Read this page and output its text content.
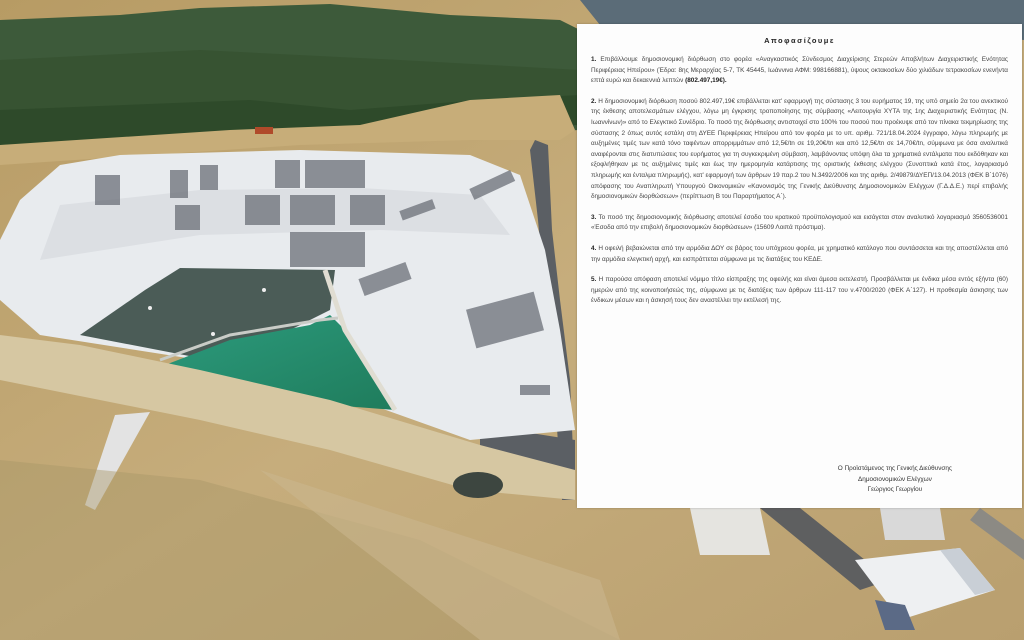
Αποφασίζουμε

1. Επιβάλλουμε δημοσιονομική διόρθωση στο φορέα «Αναγκαστικός Σύνδεσμος Διαχείρισης Στερεών Αποβλήτων Διαχειριστικής Ενότητας Περιφέρειας Ηπείρου» (Έδρα: 8ης Μεραρχίας 5-7, ΤΚ 45445, Ιωάννινα ΑΦΜ: 998166881), ύψους οκτακοσίων δύο χιλιάδων τετρακοσίων ενενήντα επτά ευρώ και δεκαεννιά λεπτών (802.497,19€).

2. Η δημοσιονομική διόρθωση ποσού 802.497,19€ επιβάλλεται κατ' εφαρμογή της σύστασης 3 του ευρήματος 19, της υπό σημείο 2α του ανεκτικού της έκθεσης αποτελεσμάτων ελέγχου, λόγω μη έγκρισης τροποποίησης της σύμβασης «Λειτουργία ΧΥΤΑ της 1ης Διαχειριστικής Ενότητας (Ν. Ιωαννίνων)» από το Ελεγκτικό Συνέδριο. Το ποσό της διόρθωσης αντιστοιχεί στο 100% του ποσού που προέκυψε από τον πίνακα τεκμηρίωσης της σύστασης 2 όπως αυτός εστάλη στη ΔΥΕΕ Περιφέρειας Ηπείρου από τον φορέα με το υπ. αριθμ. 721/18.04.2024 έγγραφο, λόγω πληρωμής με αυξημένες τιμές των κατά τόνο ταφέντων απορριμμάτων από 12,5€/tn σε 19,20€/tn και από 12,5€/tn σε 14,70€/tn, σύμφωνα με όσα αναλυτικά αναφέρονται στις διατυπώσεις του ευρήματος για τη συγκεκριμένη σύμβαση, λαμβάνοντας υπόψη όλα τα χρηματικά εντάλματα που εκδόθηκαν και εξοφλήθηκαν με τις αυξημένες τιμές και έως την ημερομηνία κατάρτισης της οριστικής έκθεσης ελέγχου (Συνοπτικά κατά έτος, λογαριασμό πληρωμής και ένταλμα πληρωμής), κατ' εφαρμογή των άρθρων 19 παρ.2 του Ν.3492/2006 και της αριθμ. 2/49879/ΔΥΕΠ/13.04.2013 (ΦΕΚ Β΄1076) απόφασης του Αναπληρωτή Υπουργού Οικονομικών «Κανονισμός της Γενικής Διεύθυνσης Δημοσιονομικών Ελέγχων (Γ.Δ.Δ.Ε.) περί επιβολής δημοσιονομικών διορθώσεων» (περίπτωση Β του Παραρτήματος Α΄).

3. Το ποσό της δημοσιονομικής διόρθωσης αποτελεί έσοδο του κρατικού προϋπολογισμού και εισάγεται στον αναλυτικό λογαριασμό 3560536001 «Έσοδα από την επιβολή δημοσιονομικών διορθώσεων» (15609 Λοιπά πρόστιμα).

4. Η οφειλή βεβαιώνεται από την αρμόδια ΔΟΥ σε βάρος του υπόχρεου φορέα, με χρηματικό κατάλογο που συντάσσεται και της αποστέλλεται από την αρμόδια ελεγκτική αρχή, και εισπράττεται σύμφωνα με τις διατάξεις του ΚΕΔΕ.

5. Η παρούσα απόφαση αποτελεί νόμιμο τίτλο είσπραξης της οφειλής και είναι άμεσα εκτελεστή. Προσβάλλεται με ένδικα μέσα εντός εξήντα (60) ημερών από της κοινοποιήσεώς της, σύμφωνα με τις διατάξεις των άρθρων 111-117 του ν.4700/2020 (ΦΕΚ Α΄127). Η προθεσμία άσκησης των ένδικων μέσων και η άσκησή τους δεν αναστέλλει την εκτέλεσή της.

Ο Προϊστάμενος της Γενικής Διεύθυνσης
Δημοσιονομικών Ελέγχων
Γεώργιος Γεωργίου
